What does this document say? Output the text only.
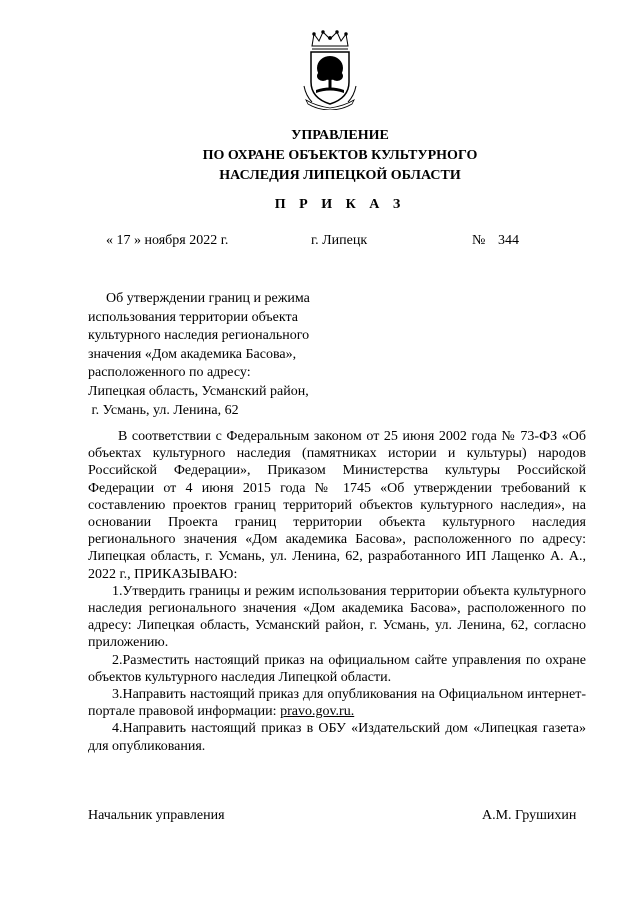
УПРАВЛЕНИЕ
ПО ОХРАНЕ ОБЪЕКТОВ КУЛЬТУРНОГО
НАСЛЕДИЯ ЛИПЕЦКОЙ ОБЛАСТИ
П Р И К А З
« 17 » ноября 2022 г.	г. Липецк	№ 344
Об утверждении границ и режима
использования территории объекта
культурного наследия регионального
значения «Дом академика Басова»,
расположенного по адресу:
Липецкая область, Усманский район,
г. Усмань, ул. Ленина, 62

В соответствии с Федеральным законом от 25 июня 2002 года № 73-ФЗ «Об объектах культурного наследия (памятниках истории и культуры) народов Российской Федерации», Приказом Министерства культуры Российской Федерации от 4 июня 2015 года № 1745 «Об утверждении требований к составлению проектов границ территорий объектов культурного наследия», на основании Проекта границ территории объекта культурного наследия регионального значения «Дом академика Басова», расположенного по адресу: Липецкая область, г. Усмань, ул. Ленина, 62, разработанного ИП Лащенко А. А., 2022 г., ПРИКАЗЫВАЮ:

1.Утвердить границы и режим использования территории объекта культурного наследия регионального значения «Дом академика Басова», расположенного по адресу: Липецкая область, Усманский район, г. Усмань, ул. Ленина, 62, согласно приложению.

2.Разместить настоящий приказ на официальном сайте управления по охране объектов культурного наследия Липецкой области.

3.Направить настоящий приказ для опубликования на Официальном интернет-портале правовой информации: pravo.gov.ru.

4.Направить настоящий приказ в ОБУ «Издательский дом «Липецкая газета» для опубликования.

Начальник управления	А.М. Грушихин
